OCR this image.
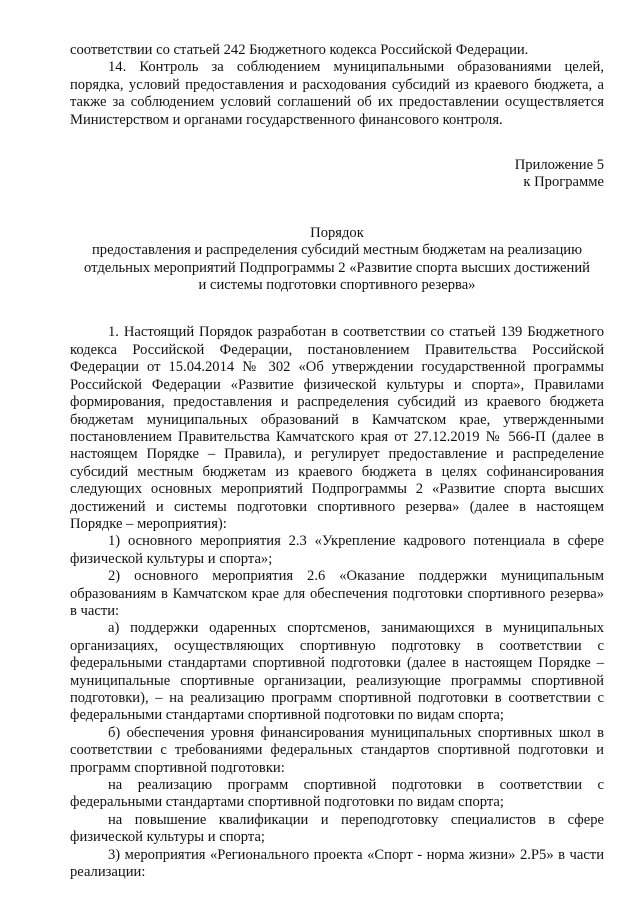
соответствии со статьей 242 Бюджетного кодекса Российской Федерации.

14. Контроль за соблюдением муниципальными образованиями целей, порядка, условий предоставления и расходования субсидий из краевого бюджета, а также за соблюдением условий соглашений об их предоставлении осуществляется Министерством и органами государственного финансового контроля.

Приложение 5

к Программе

Порядок

предоставления и распределения субсидий местным бюджетам на реализацию

отдельных мероприятий Подпрограммы 2 «Развитие спорта высших достижений

и системы подготовки спортивного резерва»

1. Настоящий Порядок разработан в соответствии со статьей 139 Бюджетного кодекса Российской Федерации, постановлением Правительства Российской Федерации от 15.04.2014 № 302 «Об утверждении государственной программы Российской Федерации «Развитие физической культуры и спорта», Правилами формирования, предоставления и распределения субсидий из краевого бюджета бюджетам муниципальных образований в Камчатском крае, утвержденными постановлением Правительства Камчатского края от 27.12.2019 № 566-П (далее в настоящем Порядке – Правила), и регулирует предоставление и распределение субсидий местным бюджетам из краевого бюджета в целях софинансирования следующих основных мероприятий Подпрограммы 2 «Развитие спорта высших достижений и системы подготовки спортивного резерва» (далее в настоящем Порядке – мероприятия):

1) основного мероприятия 2.3 «Укрепление кадрового потенциала в сфере физической культуры и спорта»;

2) основного мероприятия 2.6 «Оказание поддержки муниципальным образованиям в Камчатском крае для обеспечения подготовки спортивного резерва» в части:

а) поддержки одаренных спортсменов, занимающихся в муниципальных организациях, осуществляющих спортивную подготовку в соответствии с федеральными стандартами спортивной подготовки (далее в настоящем Порядке – муниципальные спортивные организации, реализующие программы спортивной подготовки), – на реализацию программ спортивной подготовки в соответствии с федеральными стандартами спортивной подготовки по видам спорта;

б) обеспечения уровня финансирования муниципальных спортивных школ в соответствии с требованиями федеральных стандартов спортивной подготовки и программ спортивной подготовки:

на реализацию программ спортивной подготовки в соответствии с федеральными стандартами спортивной подготовки по видам спорта;

на повышение квалификации и переподготовку специалистов в сфере физической культуры и спорта;

3) мероприятия «Регионального проекта «Спорт - норма жизни» 2.Р5» в части реализации:
